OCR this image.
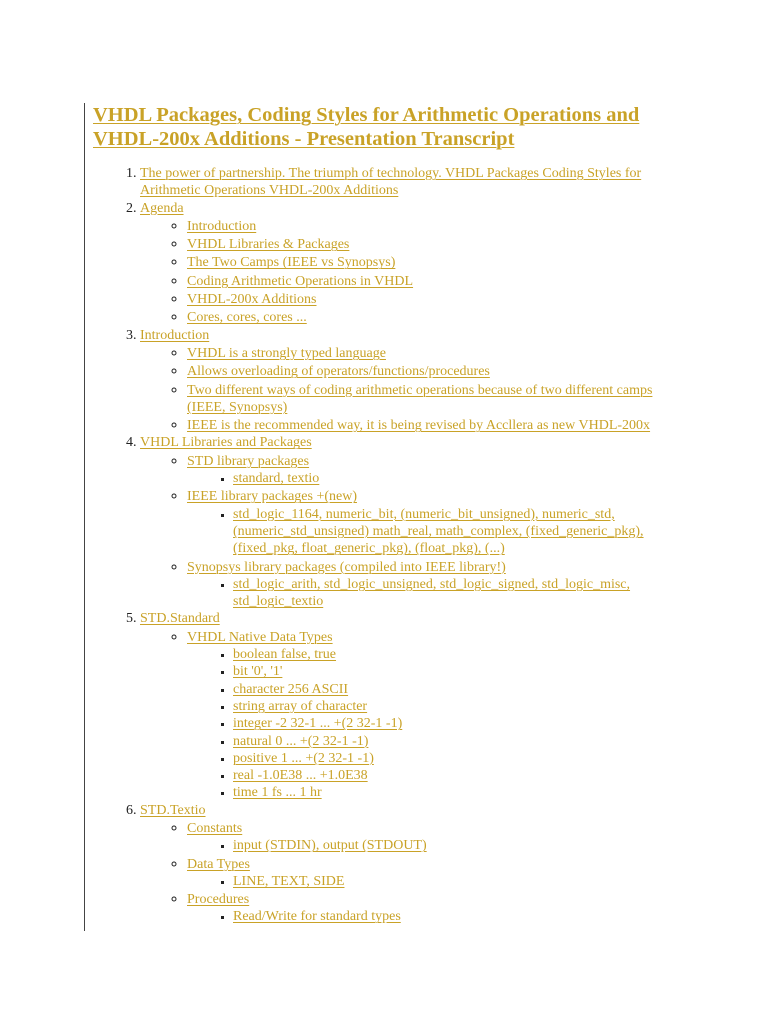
VHDL Packages, Coding Styles for Arithmetic Operations and VHDL-200x Additions - Presentation Transcript
1. The power of partnership. The triumph of technology. VHDL Packages Coding Styles for Arithmetic Operations VHDL-200x Additions
2. Agenda
◦ Introduction
◦ VHDL Libraries & Packages
◦ The Two Camps (IEEE vs Synopsys)
◦ Coding Arithmetic Operations in VHDL
◦ VHDL-200x Additions
◦ Cores, cores, cores ...
3. Introduction
◦ VHDL is a strongly typed language
◦ Allows overloading of operators/functions/procedures
◦ Two different ways of coding arithmetic operations because of two different camps (IEEE, Synopsys)
◦ IEEE is the recommended way, it is being revised by Accllera as new VHDL-200x
4. VHDL Libraries and Packages
◦ STD library packages
▪ standard, textio
◦ IEEE library packages +(new)
▪ std_logic_1164, numeric_bit, (numeric_bit_unsigned), numeric_std, (numeric_std_unsigned) math_real, math_complex, (fixed_generic_pkg), (fixed_pkg, float_generic_pkg), (float_pkg), (...)
◦ Synopsys library packages (compiled into IEEE library!)
▪ std_logic_arith, std_logic_unsigned, std_logic_signed, std_logic_misc, std_logic_textio
5. STD.Standard
◦ VHDL Native Data Types
▪ boolean false, true
▪ bit '0', '1'
▪ character 256 ASCII
▪ string array of character
▪ integer -2 32-1 ... +(2 32-1 -1)
▪ natural 0 ... +(2 32-1 -1)
▪ positive 1 ... +(2 32-1 -1)
▪ real -1.0E38 ... +1.0E38
▪ time 1 fs ... 1 hr
6. STD.Textio
◦ Constants
▪ input (STDIN), output (STDOUT)
◦ Data Types
▪ LINE, TEXT, SIDE
◦ Procedures
▪ Read/Write for standard types
